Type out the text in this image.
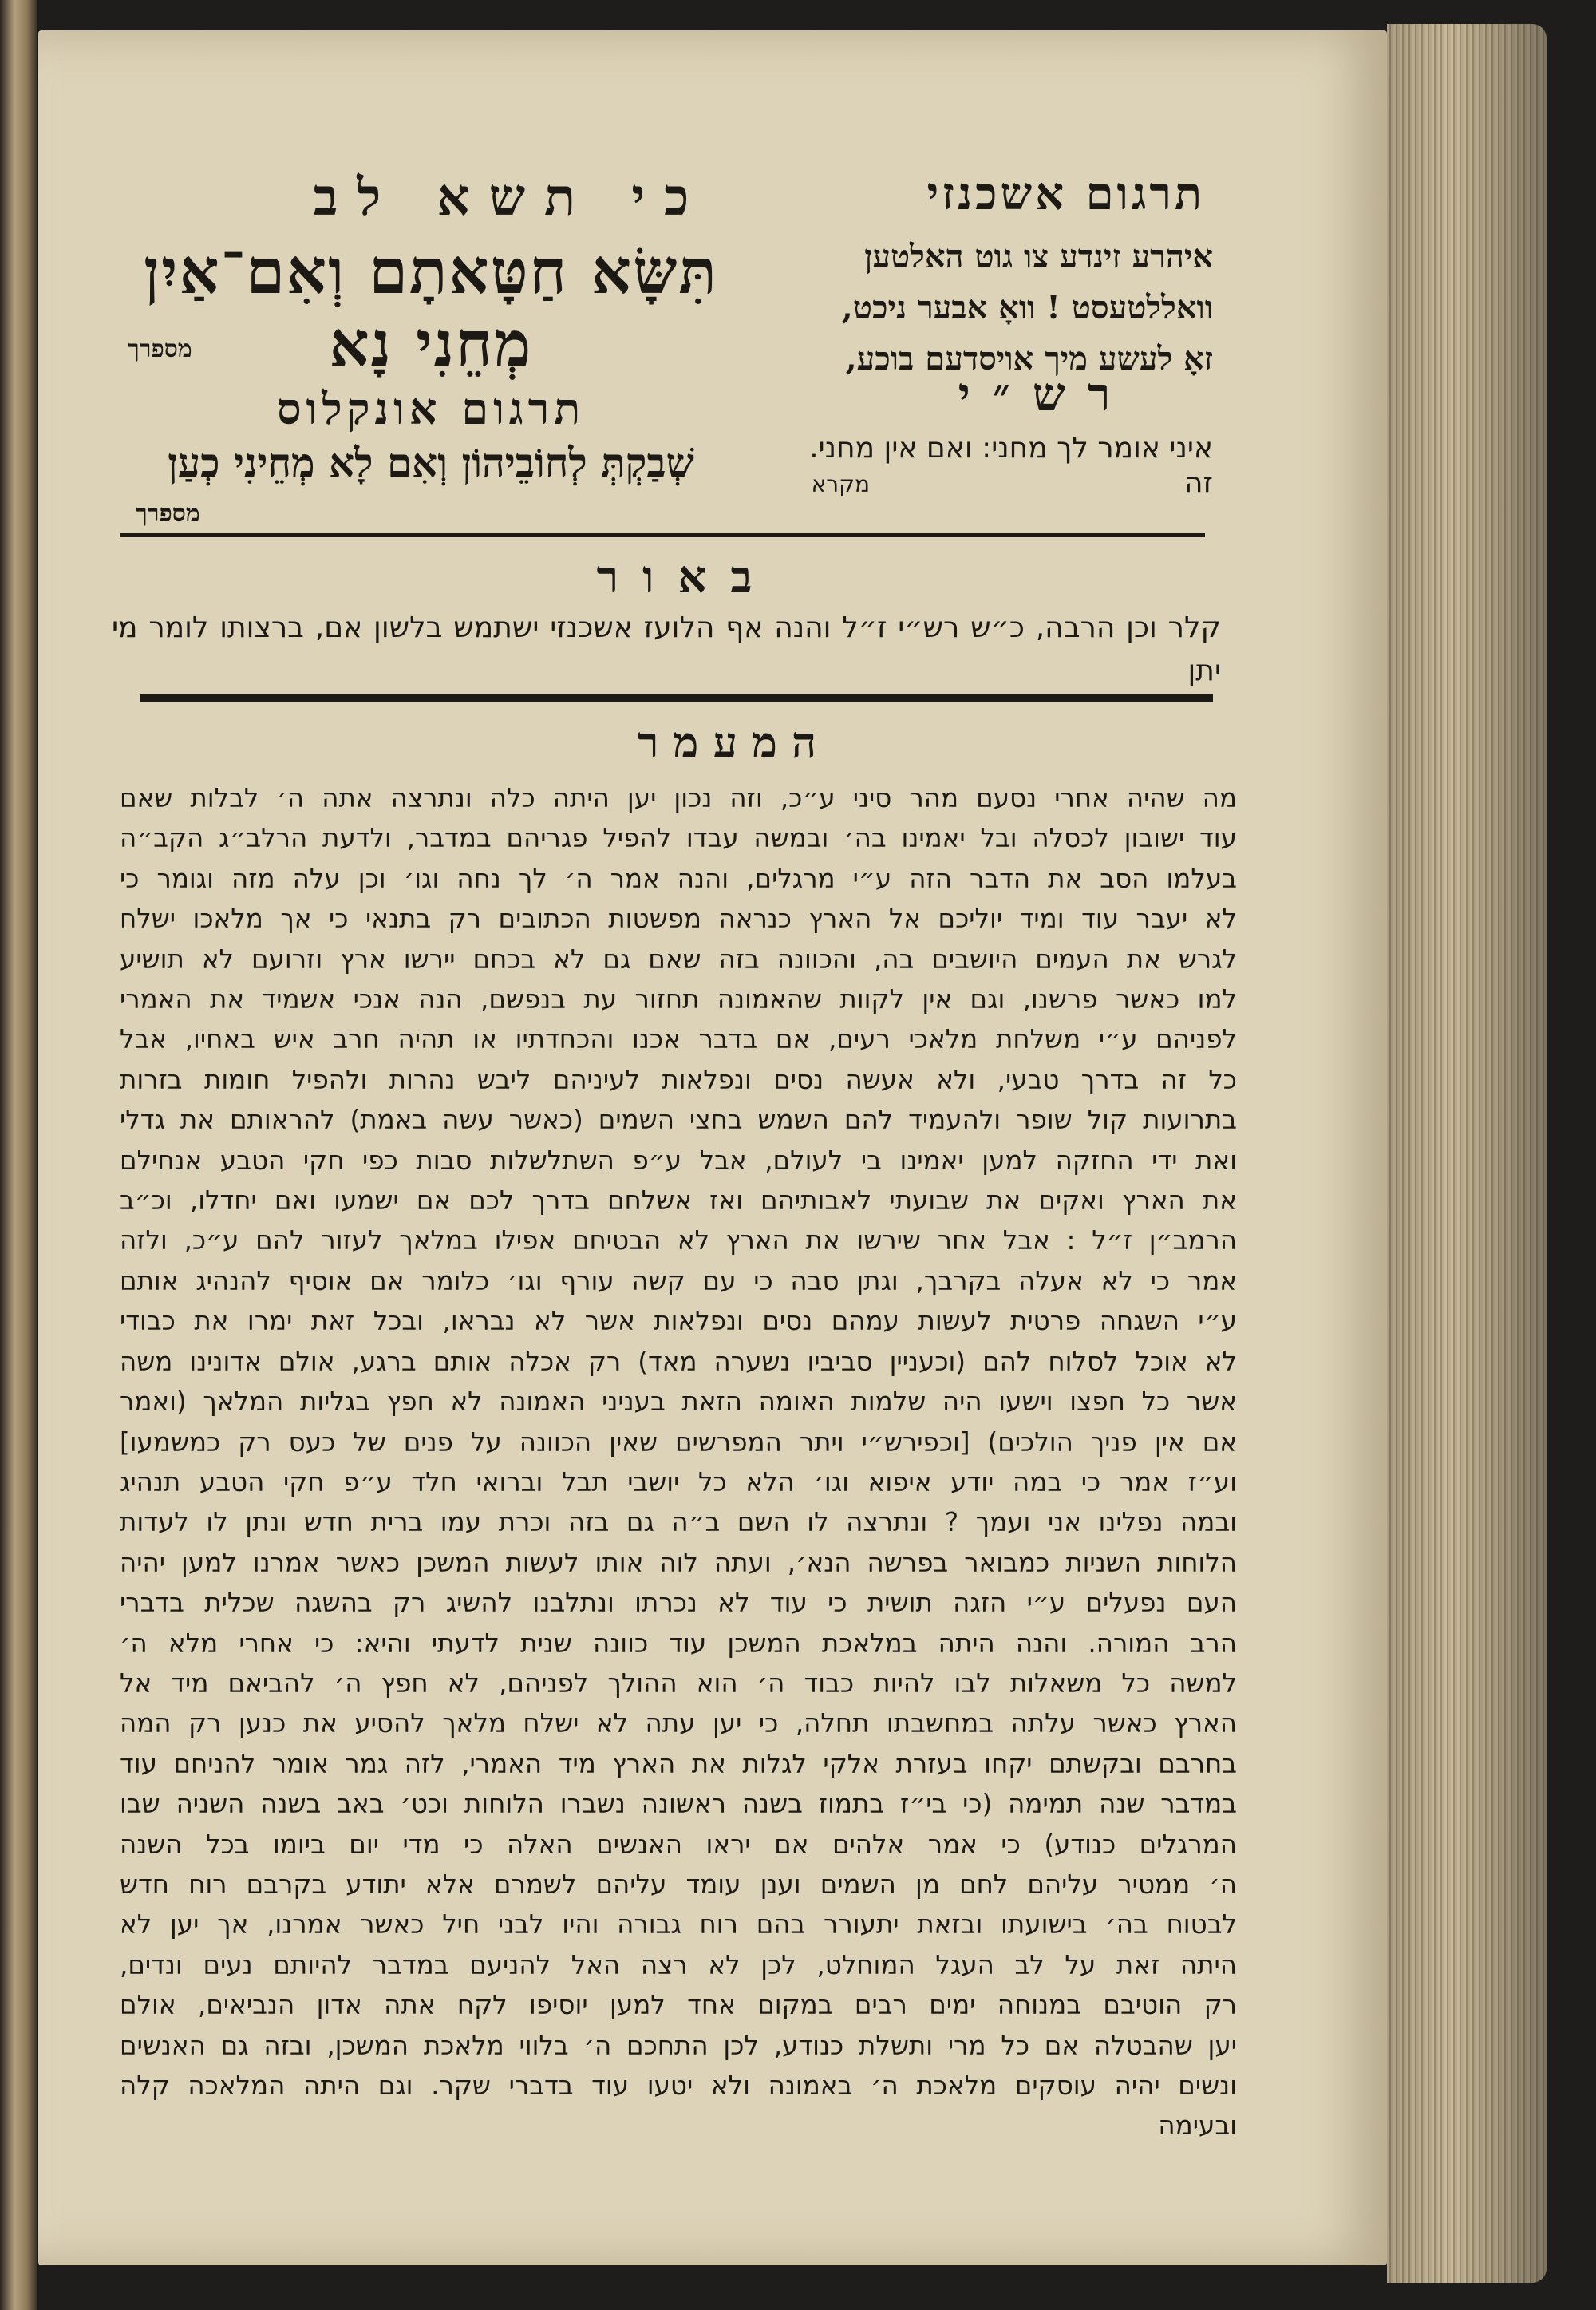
תרגום אשכנזי
איהרע זינדע צו גוט האלטען
וואללטעסט ! וואָ אבער ניכט,
זאָ לעשע מיך אויסדעם בוכע,
רש״י
איני אומר לך מחני: ואם אין מחני. זה
מקרא
כי תשא לב
תִּשָּׂא חַטָּאתָם וְאִם־אַיִן מְחֵנִי נָא
מספרך
תרגום אונקלוס
שְׁבַקְתְּ לְחוֹבֵיהוֹן וְאִם לָא מְחֵינִי כְעַן
מספרך
באור
קלר וכן הרבה, כ״ש רש״י ז״ל והנה אף הלועז אשכנזי ישתמש בלשון אם, ברצותו לומר מי יתן
המעמר

מה שהיה אחרי נסעם מהר סיני ע״כ, וזה נכון יען היתה כלה ונתרצה אתה ה׳ לבלות שאם

עוד ישובון לכסלה ובל יאמינו בה׳ ובמשה עבדו להפיל פגריהם במדבר, ולדעת הרלב״ג הקב״ה

בעלמו הסב את הדבר הזה ע״י מרגלים, והנה אמר ה׳ לך נחה וגו׳ וכן עלה מזה וגומר כי

לא יעבר עוד ומיד יוליכם אל הארץ כנראה מפשטות הכתובים רק בתנאי כי אך מלאכו ישלח

לגרש את העמים היושבים בה, והכוונה בזה שאם גם לא בכחם יירשו ארץ וזרועם לא תושיע

למו כאשר פרשנו, וגם אין לקוות שהאמונה תחזור עת בנפשם, הנה אנכי אשמיד את האמרי

לפניהם ע״י משלחת מלאכי רעים, אם בדבר אכנו והכחדתיו או תהיה חרב איש באחיו, אבל

כל זה בדרך טבעי, ולא אעשה נסים ונפלאות לעיניהם ליבש נהרות ולהפיל חומות בזרות

בתרועות קול שופר ולהעמיד להם השמש בחצי השמים (כאשר עשה באמת) להראותם את גדלי

ואת ידי החזקה למען יאמינו בי לעולם, אבל ע״פ השתלשלות סבות כפי חקי הטבע אנחילם

את הארץ ואקים את שבועתי לאבותיהם ואז אשלחם בדרך לכם אם ישמעו ואם יחדלו, וכ״ב

הרמב״ן ז״ל : אבל אחר שירשו את הארץ לא הבטיחם אפילו במלאך לעזור להם ע״כ, ולזה

אמר כי לא אעלה בקרבך, וגתן סבה כי עם קשה עורף וגו׳ כלומר אם אוסיף להנהיג אותם

ע״י השגחה פרטית לעשות עמהם נסים ונפלאות אשר לא נבראו, ובכל זאת ימרו את כבודי

לא אוכל לסלוח להם (וכעניין סביביו נשערה מאד) רק אכלה אותם ברגע, אולם אדונינו משה

אשר כל חפצו וישעו היה שלמות האומה הזאת בעניני האמונה לא חפץ בגליות המלאך (ואמר

אם אין פניך הולכים) [וכפירש״י ויתר המפרשים שאין הכוונה על פנים של כעס רק כמשמעו]

וע״ז אמר כי במה יודע איפוא וגו׳ הלא כל יושבי תבל וברואי חלד ע״פ חקי הטבע תנהיג

ובמה נפלינו אני ועמך ? ונתרצה לו השם ב״ה גם בזה וכרת עמו ברית חדש ונתן לו לעדות

הלוחות השניות כמבואר בפרשה הנא׳, ועתה לוה אותו לעשות המשכן כאשר אמרנו למען יהיה

העם נפעלים ע״י הזגה תושית כי עוד לא נכרתו ונתלבנו להשיג רק בהשגה שכלית בדברי

הרב המורה. והנה היתה במלאכת המשכן עוד כוונה שנית לדעתי והיא: כי אחרי מלא ה׳

למשה כל משאלות לבו להיות כבוד ה׳ הוא ההולך לפניהם, לא חפץ ה׳ להביאם מיד אל

הארץ כאשר עלתה במחשבתו תחלה, כי יען עתה לא ישלח מלאך להסיע את כנען רק המה

בחרבם ובקשתם יקחו בעזרת אלקי לגלות את הארץ מיד האמרי, לזה גמר אומר להניחם עוד

במדבר שנה תמימה (כי בי״ז בתמוז בשנה ראשונה נשברו הלוחות וכט׳ באב בשנה השניה שבו

המרגלים כנודע) כי אמר אלהים אם יראו האנשים האלה כי מדי יום ביומו בכל השנה

ה׳ ממטיר עליהם לחם מן השמים וענן עומד עליהם לשמרם אלא יתודע בקרבם רוח חדש

לבטוח בה׳ בישועתו ובזאת יתעורר בהם רוח גבורה והיו לבני חיל כאשר אמרנו, אך יען לא

היתה זאת על לב העגל המוחלט, לכן לא רצה האל להניעם במדבר להיותם נעים ונדים,

רק הוטיבם במנוחה ימים רבים במקום אחד למען יוסיפו לקח אתה אדון הנביאים, אולם

יען שהבטלה אם כל מרי ותשלת כנודע, לכן התחכם ה׳ בלווי מלאכת המשכן, ובזה גם האנשים

ונשים יהיה עוסקים מלאכת ה׳ באמונה ולא יטעו עוד בדברי שקר. וגם היתה המלאכה קלה

ובעימה
